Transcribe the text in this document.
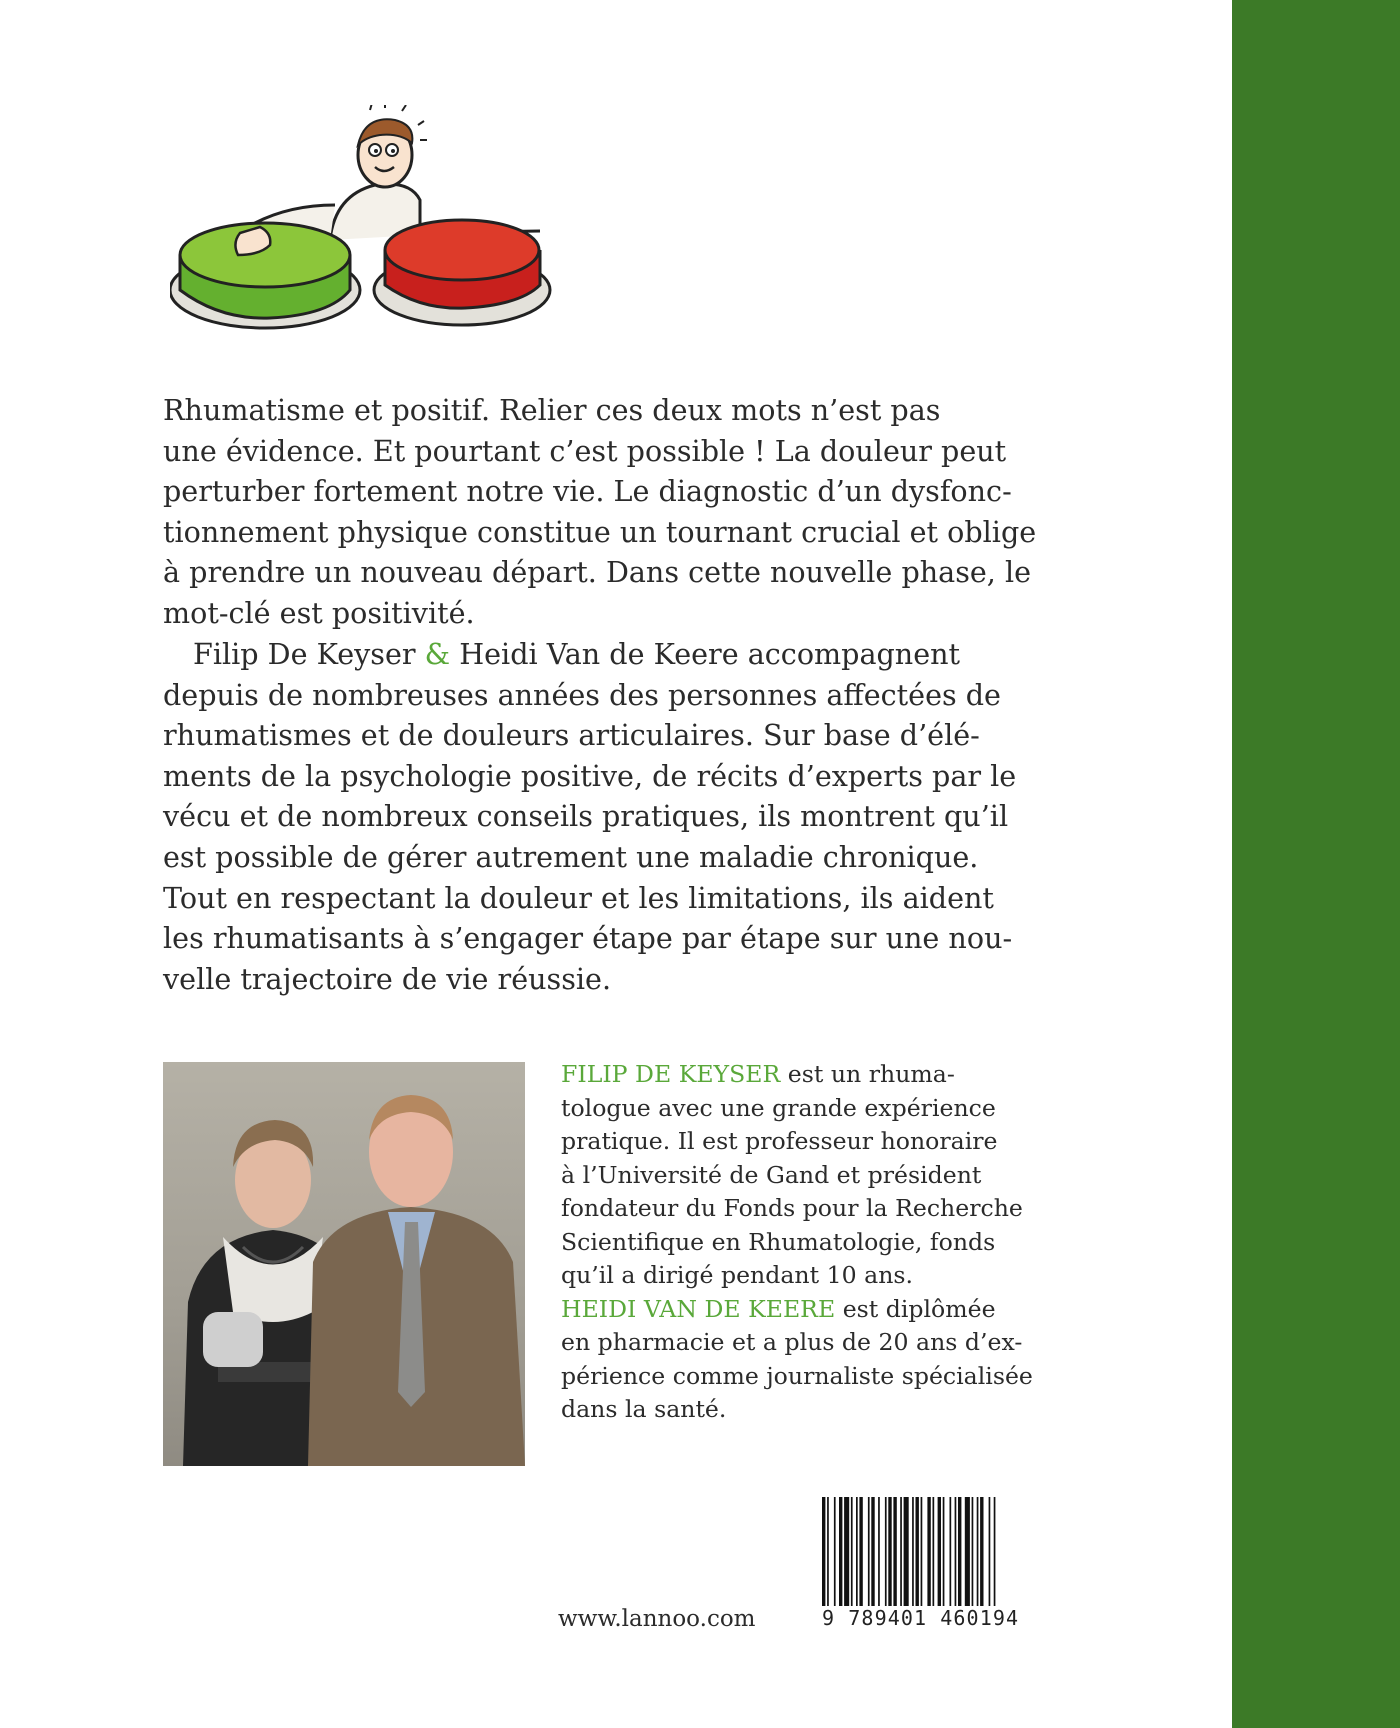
Rhumatisme et positif. Relier ces deux mots n’est pas
une évidence. Et pourtant c’est possible ! La douleur peut
perturber fortement notre vie. Le diagnostic d’un dysfonc-
tionnement physique constitue un tournant crucial et oblige
à prendre un nouveau départ. Dans cette nouvelle phase, le
mot-clé est positivité.
Filip De Keyser & Heidi Van de Keere accompagnent
depuis de nombreuses années des personnes affectées de
rhumatismes et de douleurs articulaires. Sur base d’élé-
ments de la psychologie positive, de récits d’experts par le
vécu et de nombreux conseils pratiques, ils montrent qu’il
est possible de gérer autrement une maladie chronique.
Tout en respectant la douleur et les limitations, ils aident
les rhumatisants à s’engager étape par étape sur une nou-
velle trajectoire de vie réussie.
FILIP DE KEYSER est un rhuma-
tologue avec une grande expérience
pratique. Il est professeur honoraire
à l’Université de Gand et président
fondateur du Fonds pour la Recherche
Scientifique en Rhumatologie, fonds
qu’il a dirigé pendant 10 ans.
HEIDI VAN DE KEERE est diplômée
en pharmacie et a plus de 20 ans d’ex-
périence comme journaliste spécialisée
dans la santé.
www.lannoo.com	9 789401 460194
